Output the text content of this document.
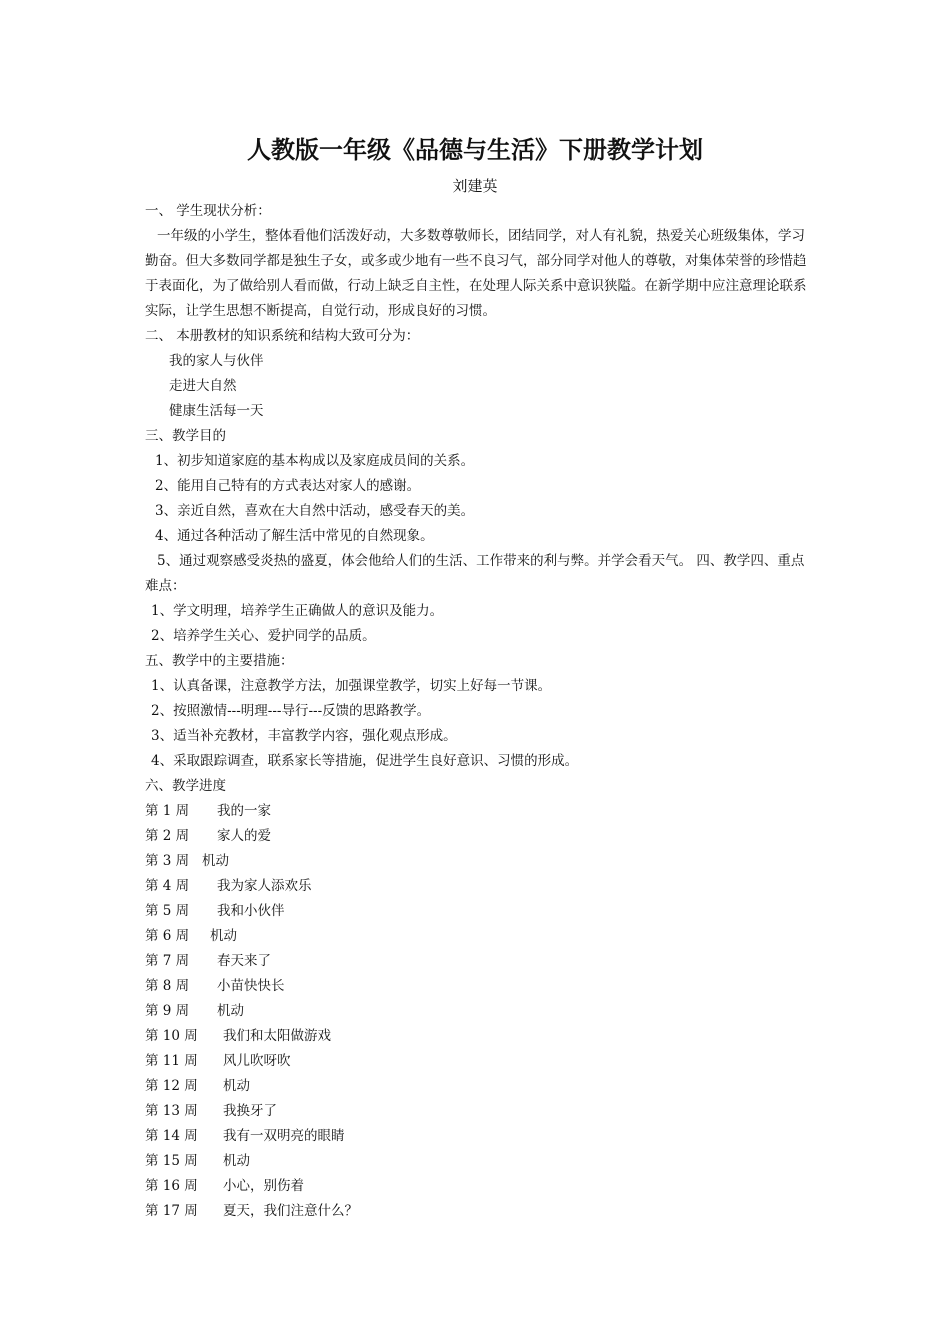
人教版一年级《品德与生活》下册教学计划
刘建英

一、 学生现状分析：

一年级的小学生，整体看他们活泼好动，大多数尊敬师长，团结同学，对人有礼貌，热爱关心班级集体，学习勤奋。但大多数同学都是独生子女，或多或少地有一些不良习气，部分同学对他人的尊敬，对集体荣誉的珍惜趋于表面化，为了做给别人看而做，行动上缺乏自主性，在处理人际关系中意识狭隘。在新学期中应注意理论联系实际，让学生思想不断提高，自觉行动，形成良好的习惯。

二、 本册教材的知识系统和结构大致可分为：

我的家人与伙伴

走进大自然

健康生活每一天

三、教学目的

1、初步知道家庭的基本构成以及家庭成员间的关系。

2、能用自己特有的方式表达对家人的感谢。

3、亲近自然，喜欢在大自然中活动，感受春天的美。

4、通过各种活动了解生活中常见的自然现象。

5、通过观察感受炎热的盛夏，体会他给人们的生活、工作带来的利与弊。并学会看天气。 四、教学四、重点难点：

1、学文明理，培养学生正确做人的意识及能力。

2、培养学生关心、爱护同学的品质。

五、教学中的主要措施：

1、认真备课，注意教学方法，加强课堂教学，切实上好每一节课。

2、按照激情---明理---导行---反馈的思路教学。

3、适当补充教材，丰富教学内容，强化观点形成。

4、采取跟踪调查，联系家长等措施，促进学生良好意识、习惯的形成。

六、教学进度

第 1 周 我的一家

第 2 周 家人的爱

第 3 周 机动

第 4 周 我为家人添欢乐

第 5 周 我和小伙伴

第 6 周 机动

第 7 周 春天来了

第 8 周 小苗快快长

第 9 周 机动

第 10 周 我们和太阳做游戏

第 11 周 风儿吹呀吹

第 12 周 机动

第 13 周 我换牙了

第 14 周 我有一双明亮的眼睛

第 15 周 机动

第 16 周 小心，别伤着

第 17 周 夏天，我们注意什么？
